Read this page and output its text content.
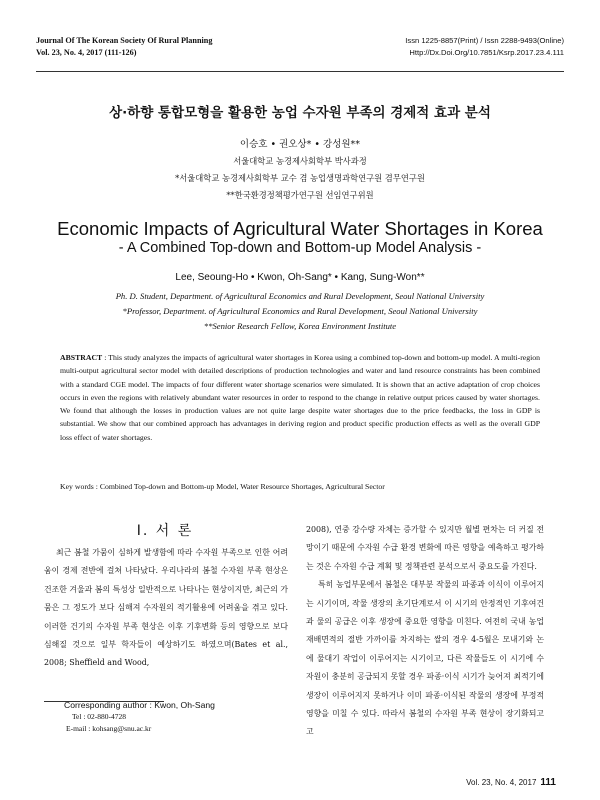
Journal Of The Korean Society Of Rural Planning
Vol. 23, No. 4, 2017 (111-126)
Issn 1225-8857(Print) / Issn 2288-9493(Online)
Http://Dx.Doi.Org/10.7851/Ksrp.2017.23.4.111
상·하향 통합모형을 활용한 농업 수자원 부족의 경제적 효과 분석
이승호 • 권오상* • 강성원**
서울대학교 농경제사회학부 박사과정
*서울대학교 농경제사회학부 교수 겸 농업생명과학연구원 겸무연구원
**한국환경정책평가연구원 선임연구위원
Economic Impacts of Agricultural Water Shortages in Korea
- A Combined Top-down and Bottom-up Model Analysis -
Lee, Seoung-Ho • Kwon, Oh-Sang* • Kang, Sung-Won**
Ph. D. Student, Department. of Agricultural Economics and Rural Development, Seoul National University
*Professor, Department. of Agricultural Economics and Rural Development, Seoul National University
**Senior Research Fellow, Korea Environment Institute
ABSTRACT : This study analyzes the impacts of agricultural water shortages in Korea using a combined top-down and bottom-up model. A multi-region multi-output agricultural sector model with detailed descriptions of production technologies and water and land resource constraints has been combined with a standard CGE model. The impacts of four different water shortage scenarios were simulated. It is shown that an active adaptation of crop choices occurs in even the regions with relatively abundant water resources in order to respond to the change in relative output prices caused by water shortages. We found that although the losses in production values are not quite large despite water shortages due to the price feedbacks, the loss in GDP is substantial. We show that our combined approach has advantages in deriving region and product specific production effects as well as the overall GDP loss effect of water shortages.
Key words : Combined Top-down and Bottom-up Model, Water Resource Shortages, Agricultural Sector
Ⅰ. 서 론

최근 봄철 가뭄이 심하게 발생함에 따라 수자원 부족으로 인한 어려움이 경제 전반에 걸쳐 나타났다. 우리나라의 봄철 수자원 부족 현상은 건조한 겨울과 봄의 특성상 일반적으로 나타나는 현상이지만, 최근의 가뭄은 그 정도가 보다 심해져 수자원의 적기활용에 어려움을 겪고 있다. 이러한 건기의 수자원 부족 현상은 이후 기후변화 등의 영향으로 보다 심해질 것으로 일부 학자들이 예상하기도 하였으며(Bates et al., 2008; Sheffield and Wood,

2008), 연중 강수량 자체는 증가할 수 있지만 월별 편차는 더 커질 전망이기 때문에 수자원 수급 환경 변화에 따른 영향을 예측하고 평가하는 것은 수자원 수급 계획 및 정책관련 분석으로서 중요도를 가진다.

특히 농업부문에서 봄철은 대부분 작물의 파종과 이식이 이루어지는 시기이며, 작물 생장의 초기단계로서 이 시기의 안정적인 기후여건과 물의 공급은 이후 생장에 중요한 영향을 미친다. 여전히 국내 농업 재배면적의 절반 가까이를 차지하는 쌀의 경우 4-5월은 모내기와 논에 물대기 작업이 이루어지는 시기이고, 다른 작물들도 이 시기에 수자원이 충분히 공급되지 못할 경우 파종·이식 시기가 늦어져 최적기에 생장이 이루어지지 못하거나 이미 파종·이식된 작물의 생장에 부정적 영향을 미칠 수 있다. 따라서 봄철의 수자원 부족 현상이 장기화되고 고

Corresponding author : Kwon, Oh-Sang
Tel : 02-880-4728
E-mail : kohsang@snu.ac.kr
Vol. 23, No. 4, 2017 111
